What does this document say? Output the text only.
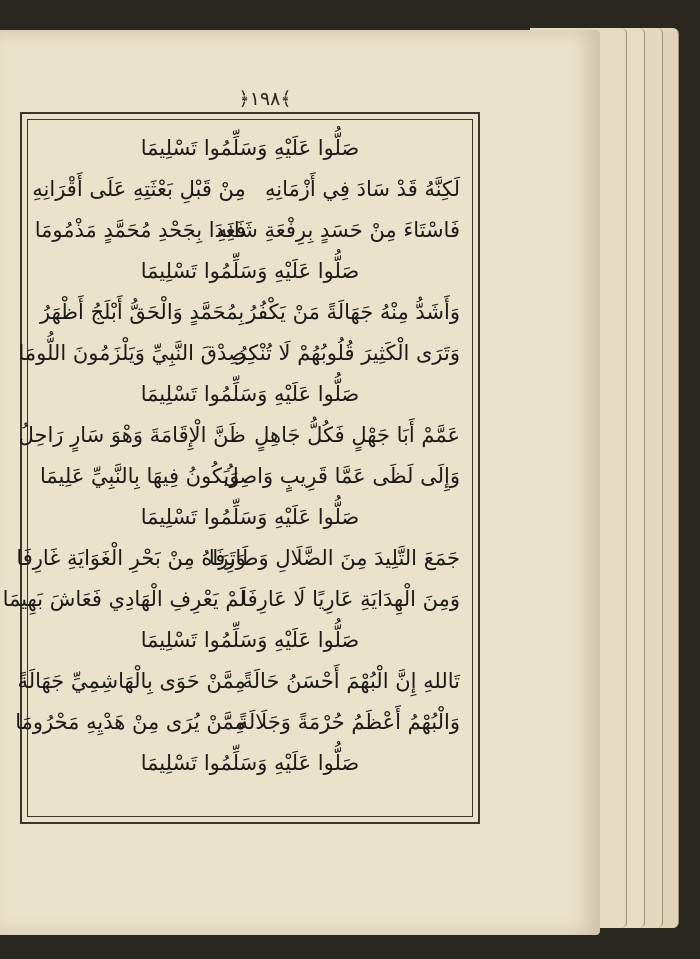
﴿١٩٨﴾
صَلُّوا عَلَيْهِ وَسَلِّمُوا تَسْلِيمَا
لَكِنَّهُ قَدْ سَادَ فِي أَزْمَانِهِ
مِنْ قَبْلِ بَعْثَتِهِ عَلَى أَقْرَانِهِ
فَاسْتَاءَ مِنْ حَسَدٍ بِرِفْعَةِ شَانِهِ
فَغَدَا بِجَحْدِ مُحَمَّدٍ مَذْمُومَا
صَلُّوا عَلَيْهِ وَسَلِّمُوا تَسْلِيمَا
وَأَشَدُّ مِنْهُ جَهَالَةً مَنْ يَكْفُرُ
بِمُحَمَّدٍ وَالْحَقُّ أَبْلَجُ أَظْهَرُ
وَتَرَى الْكَثِيرَ قُلُوبُهُمْ لَا تُنْكِرُ
صِدْقَ النَّبِيِّ وَيَلْزَمُونَ اللُّومَا
صَلُّوا عَلَيْهِ وَسَلِّمُوا تَسْلِيمَا
عَمَّمْ أَبَا جَهْلٍ فَكُلُّ جَاهِلٍ
ظَنَّ الْإِقَامَةَ وَهْوَ سَارٍ رَاحِلُ
وَإِلَى لَظَى عَمَّا قَرِيبٍ وَاصِلُ
وَيَكُونُ فِيهَا بِالنَّبِيِّ عَلِيمَا
صَلُّوا عَلَيْهِ وَسَلِّمُوا تَسْلِيمَا
جَمَعَ التَّلِيدَ مِنَ الضَّلَالِ وَطَارِفَا
وَتَرَاهُ مِنْ بَحْرِ الْغَوَايَةِ غَارِفَا
وَمِنَ الْهِدَايَةِ عَارِيًا لَا عَارِفَا
لَمْ يَعْرِفِ الْهَادِي فَعَاشَ بَهِيمَا
صَلُّوا عَلَيْهِ وَسَلِّمُوا تَسْلِيمَا
تَاللهِ إِنَّ الْبُهْمَ أَحْسَنُ حَالَةً
مِمَّنْ حَوَى بِالْهَاشِمِيِّ جَهَالَةً
وَالْبُهْمُ أَعْظَمُ حُرْمَةً وَجَلَالَةً
مِمَّنْ يُرَى مِنْ هَدْيِهِ مَحْرُومَا
صَلُّوا عَلَيْهِ وَسَلِّمُوا تَسْلِيمَا
